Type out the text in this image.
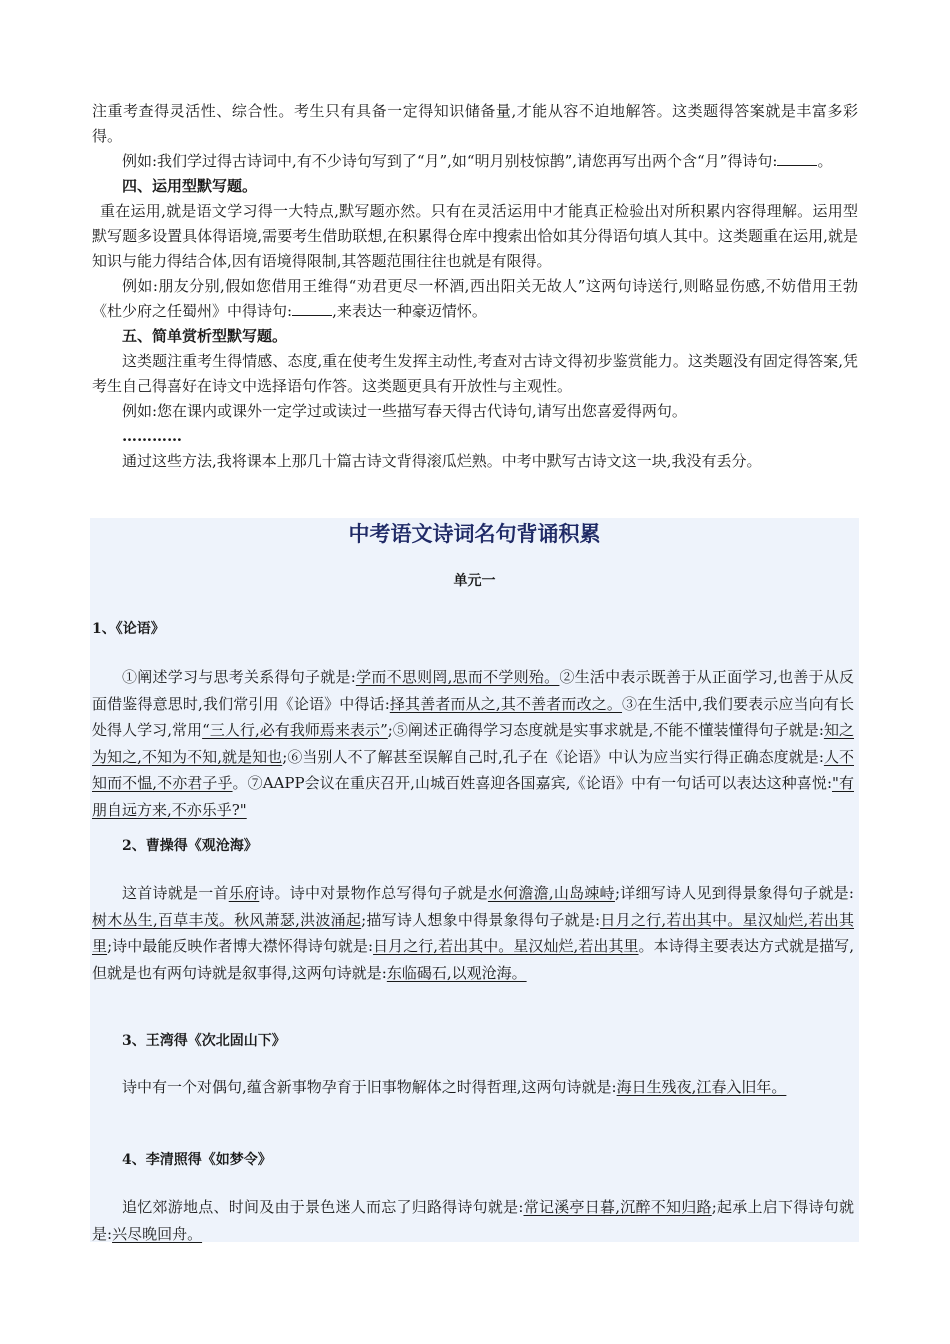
注重考查得灵活性、综合性。考生只有具备一定得知识储备量,才能从容不迫地解答。这类题得答案就是丰富多彩得。

例如:我们学过得古诗词中,有不少诗句写到了“月”,如“明月别枝惊鹊”,请您再写出两个含“月”得诗句:	。

四、运用型默写题。

重在运用,就是语文学习得一大特点,默写题亦然。只有在灵活运用中才能真正检验出对所积累内容得理解。运用型默写题多设置具体得语境,需要考生借助联想,在积累得仓库中搜索出恰如其分得语句填人其中。这类题重在运用,就是知识与能力得结合体,因有语境得限制,其答题范围往往也就是有限得。

例如:朋友分别,假如您借用王维得“劝君更尽一杯酒,西出阳关无故人”这两句诗送行,则略显伤感,不妨借用王勃《杜少府之任蜀州》中得诗句:	,来表达一种豪迈情怀。

五、简单赏析型默写题。

这类题注重考生得情感、态度,重在使考生发挥主动性,考查对古诗文得初步鉴赏能力。这类题没有固定得答案,凭考生自己得喜好在诗文中选择语句作答。这类题更具有开放性与主观性。

例如:您在课内或课外一定学过或读过一些描写春天得古代诗句,请写出您喜爱得两句。

…………

通过这些方法,我将课本上那几十篇古诗文背得滚瓜烂熟。中考中默写古诗文这一块,我没有丢分。

中考语文诗词名句背诵积累
单元一
1、《论语》
①阐述学习与思考关系得句子就是:学而不思则罔,思而不学则殆。②生活中表示既善于从正面学习,也善于从反面借鉴得意思时,我们常引用《论语》中得话:择其善者而从之,其不善者而改之。③在生活中,我们要表示应当向有长处得人学习,常用“三人行,必有我师焉来表示”;⑤阐述正确得学习态度就是实事求就是,不能不懂装懂得句子就是:知之为知之,不知为不知,就是知也;⑥当别人不了解甚至误解自己时,孔子在《论语》中认为应当实行得正确态度就是:人不知而不愠,不亦君子乎。⑦AAPP会议在重庆召开,山城百姓喜迎各国嘉宾,《论语》中有一句话可以表达这种喜悦:"有朋自远方来,不亦乐乎?"
2、曹操得《观沧海》
这首诗就是一首乐府诗。诗中对景物作总写得句子就是水何澹澹,山岛竦峙;详细写诗人见到得景象得句子就是:树木丛生,百草丰茂。秋风萧瑟,洪波涌起;描写诗人想象中得景象得句子就是:日月之行,若出其中。星汉灿烂,若出其里;诗中最能反映作者博大襟怀得诗句就是:日月之行,若出其中。星汉灿烂,若出其里。本诗得主要表达方式就是描写,但就是也有两句诗就是叙事得,这两句诗就是:东临碣石,以观沧海。
3、王湾得《次北固山下》
诗中有一个对偶句,蕴含新事物孕育于旧事物解体之时得哲理,这两句诗就是:海日生残夜,江春入旧年。
4、李清照得《如梦令》
追忆郊游地点、时间及由于景色迷人而忘了归路得诗句就是:常记溪亭日暮,沉醉不知归路;起承上启下得诗句就是:兴尽晚回舟。
